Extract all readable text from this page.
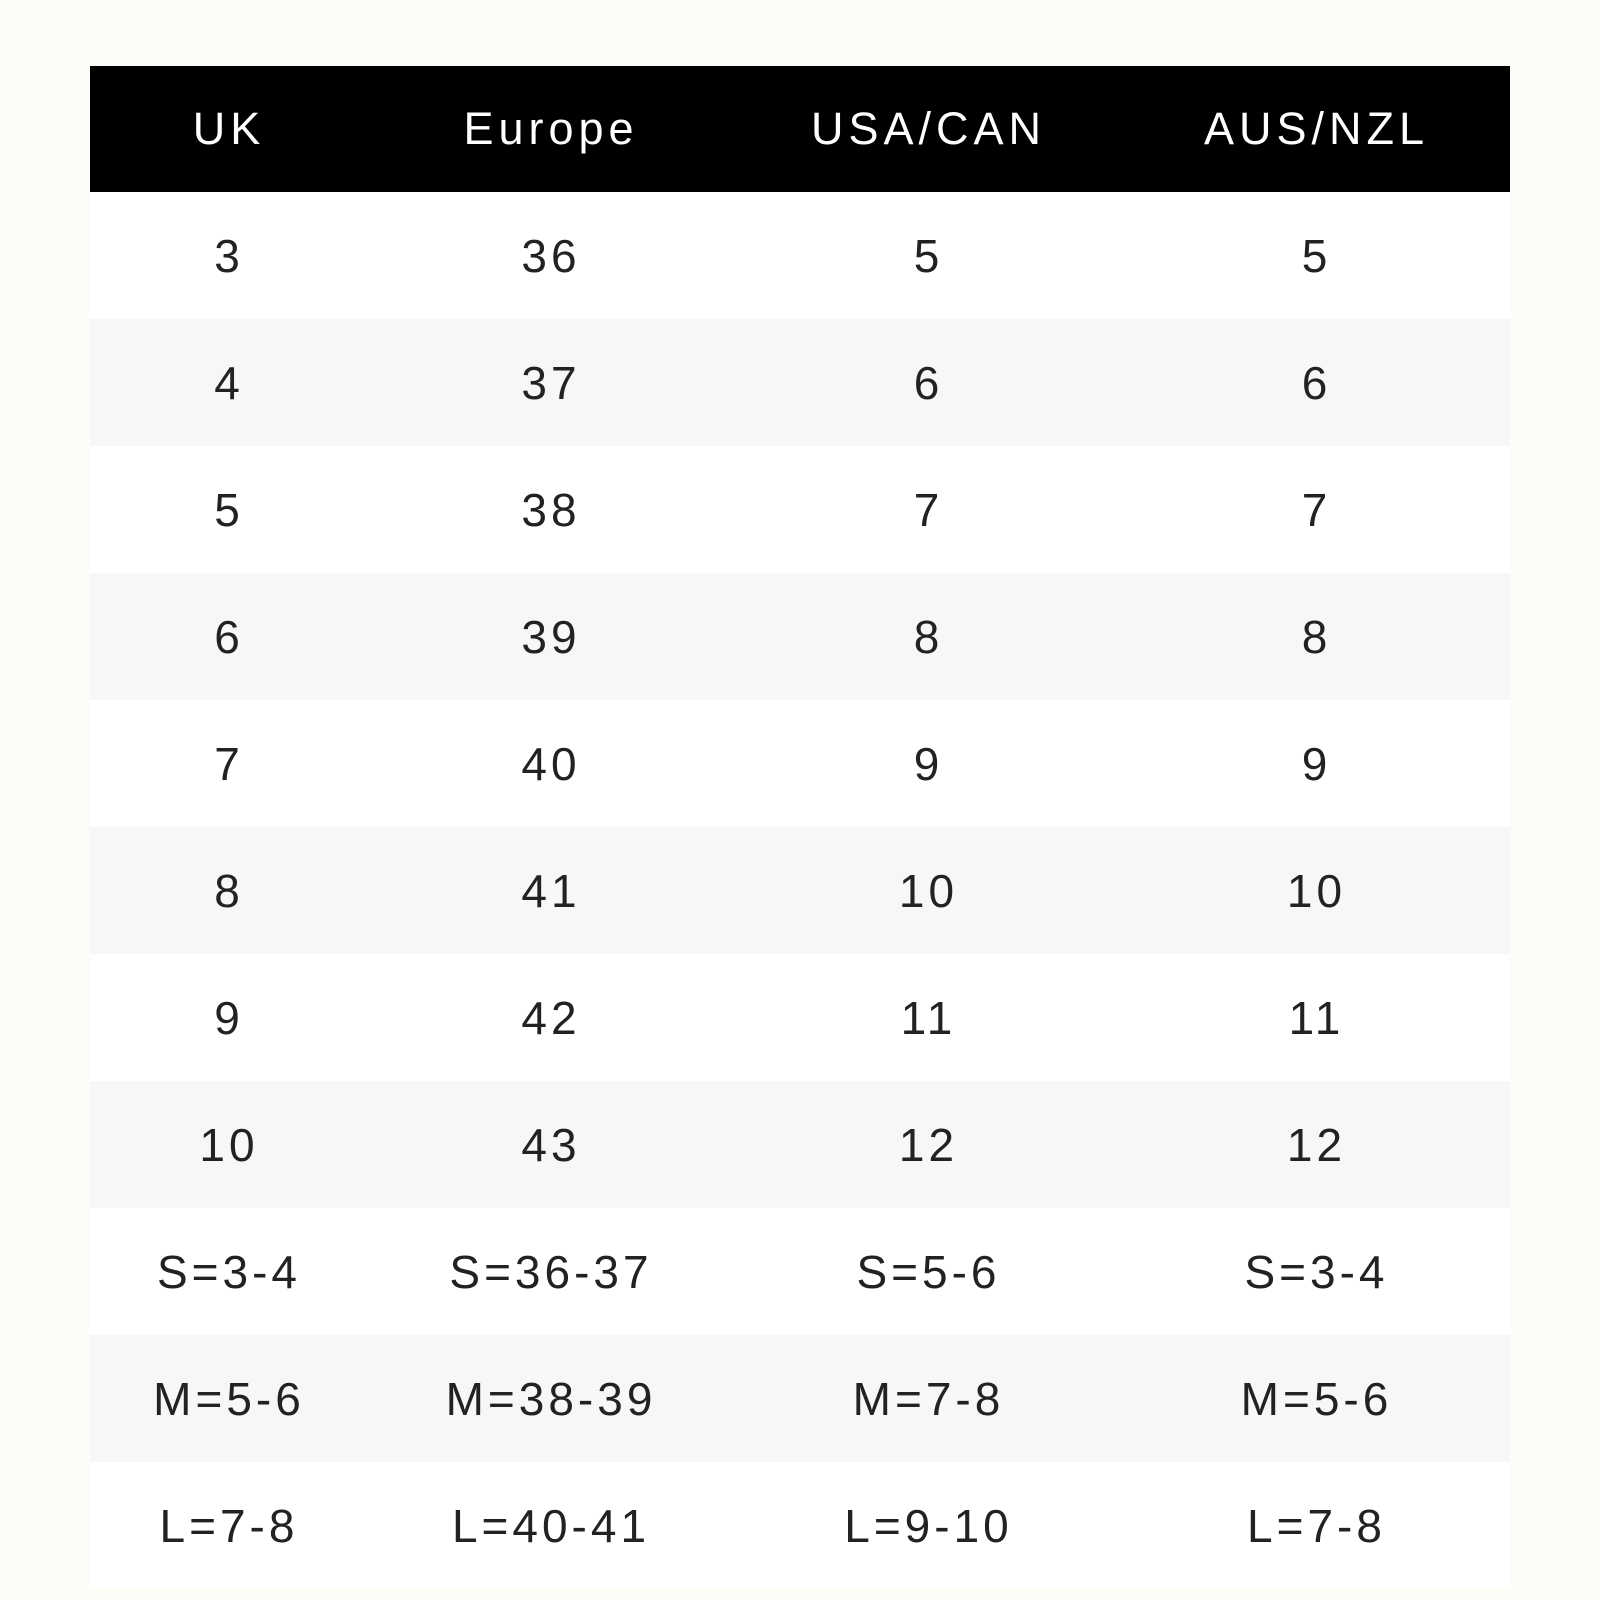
UK	Europe	USA/CAN	AUS/NZL
3	36	5	5
4	37	6	6
5	38	7	7
6	39	8	8
7	40	9	9
8	41	10	10
9	42	11	11
10	43	12	12
S=3-4	S=36-37	S=5-6	S=3-4
M=5-6	M=38-39	M=7-8	M=5-6
L=7-8	L=40-41	L=9-10	L=7-8
